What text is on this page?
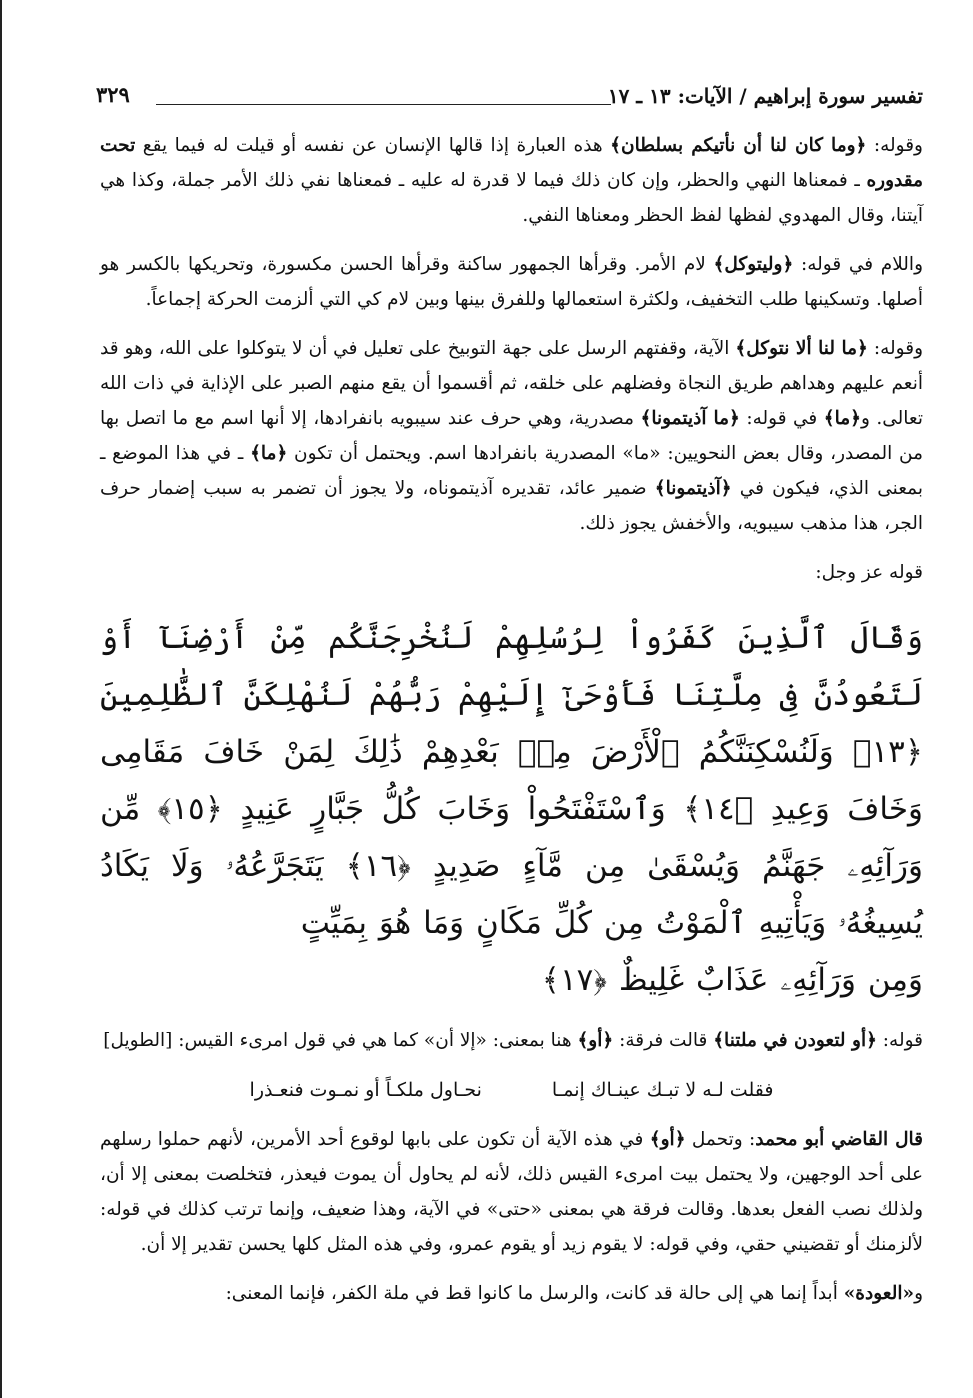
تفسير سورة إبراهيم / الآيات: ١٣ ـ ١٧
٣٢٩

وقوله: ﴿وما كان لنا أن نأتيكم بسلطان﴾ هذه العبارة إذا قالها الإنسان عن نفسه أو قيلت له فيما يقع تحت مقدوره ـ فمعناها النهي والحظر، وإن كان ذلك فيما لا قدرة له عليه ـ فمعناها نفي ذلك الأمر جملة، وكذا هي آيتنا، وقال المهدوي لفظها لفظ الحظر ومعناها النفي.

واللام في قوله: ﴿وليتوكل﴾ لام الأمر. وقرأها الجمهور ساكنة وقرأها الحسن مكسورة، وتحريكها بالكسر هو أصلها. وتسكينها طلب التخفيف، ولكثرة استعمالها وللفرق بينها وبين لام كي التي ألزمت الحركة إجماعاً.

وقوله: ﴿ما لنا ألا نتوكل﴾ الآية، وقفتهم الرسل على جهة التوبيخ على تعليل في أن لا يتوكلوا على الله، وهو قد أنعم عليهم وهداهم طريق النجاة وفضلهم على خلقه، ثم أقسموا أن يقع منهم الصبر على الإذاية في ذات الله تعالى. و﴿ما﴾ في قوله: ﴿ما آذيتمونا﴾ مصدرية، وهي حرف عند سيبويه بانفرادها، إلا أنها اسم مع ما اتصل بها من المصدر، وقال بعض النحويين: «ما» المصدرية بانفرادها اسم. ويحتمل أن تكون ﴿ما﴾ ـ في هذا الموضع ـ بمعنى الذي، فيكون في ﴿آذيتمونا﴾ ضمير عائد، تقديره آذيتموناه، ولا يجوز أن تضمر به سبب إضمار حرف الجر، هذا مذهب سيبويه، والأخفش يجوز ذلك.

قوله عز وجل:

وَقَالَ ٱلَّذِينَ كَفَرُواْ لِرُسُلِهِمْ لَنُخْرِجَنَّكُم مِّنْ أَرْضِنَآ أَوْ لَتَعُودُنَّ فِى مِلَّتِنَا فَأَوْحَىٰٓ إِلَيْهِمْ رَبُّهُمْ لَنُهْلِكَنَّ ٱلظَّٰلِمِينَ ﴿١٣﴾ وَلَنُسْكِنَنَّكُمُ ٱلْأَرْضَ مِنۢ بَعْدِهِمْ ذَٰلِكَ لِمَنْ خَافَ مَقَامِى وَخَافَ وَعِيدِ ﴿١٤﴾ وَٱسْتَفْتَحُواْ وَخَابَ كُلُّ جَبَّارٍ عَنِيدٍ ﴿١٥﴾ مِّن وَرَآئِهِۦ جَهَنَّمُ وَيُسْقَىٰ مِن مَّآءٍ صَدِيدٍ ﴿١٦﴾ يَتَجَرَّعُهُۥ وَلَا يَكَادُ يُسِيغُهُۥ وَيَأْتِيهِ ٱلْمَوْتُ مِن كُلِّ مَكَانٍ وَمَا هُوَ بِمَيِّتٍ
وَمِن وَرَآئِهِۦ عَذَابٌ غَلِيظٌ ﴿١٧﴾

قوله: ﴿أو لتعودن في ملتنا﴾ قالت فرقة: ﴿أو﴾ هنا بمعنى: «إلا أن» كما هي في قول امرىء القيس: [الطويل]

فقلت لـه لا تبـك عينـاك إنمـانحـاول ملكـاً أو نمـوت فنعـذرا

قال القاضي أبو محمد: وتحمل ﴿أو﴾ في هذه الآية أن تكون على بابها لوقوع أحد الأمرين، لأنهم حملوا رسلهم على أحد الوجهين، ولا يحتمل بيت امرىء القيس ذلك، لأنه لم يحاول أن يموت فيعذر، فتخلصت بمعنى إلا أن، ولذلك نصب الفعل بعدها. وقالت فرقة هي بمعنى «حتى» في الآية، وهذا ضعيف، وإنما ترتب كذلك في قوله: لألزمنك أو تقضيني حقي، وفي قوله: لا يقوم زيد أو يقوم عمرو، وفي هذه المثل كلها يحسن تقدير إلا أن.

و«العودة» أبداً إنما هي إلى حالة قد كانت، والرسل ما كانوا قط في ملة الكفر، فإنما المعنى:
